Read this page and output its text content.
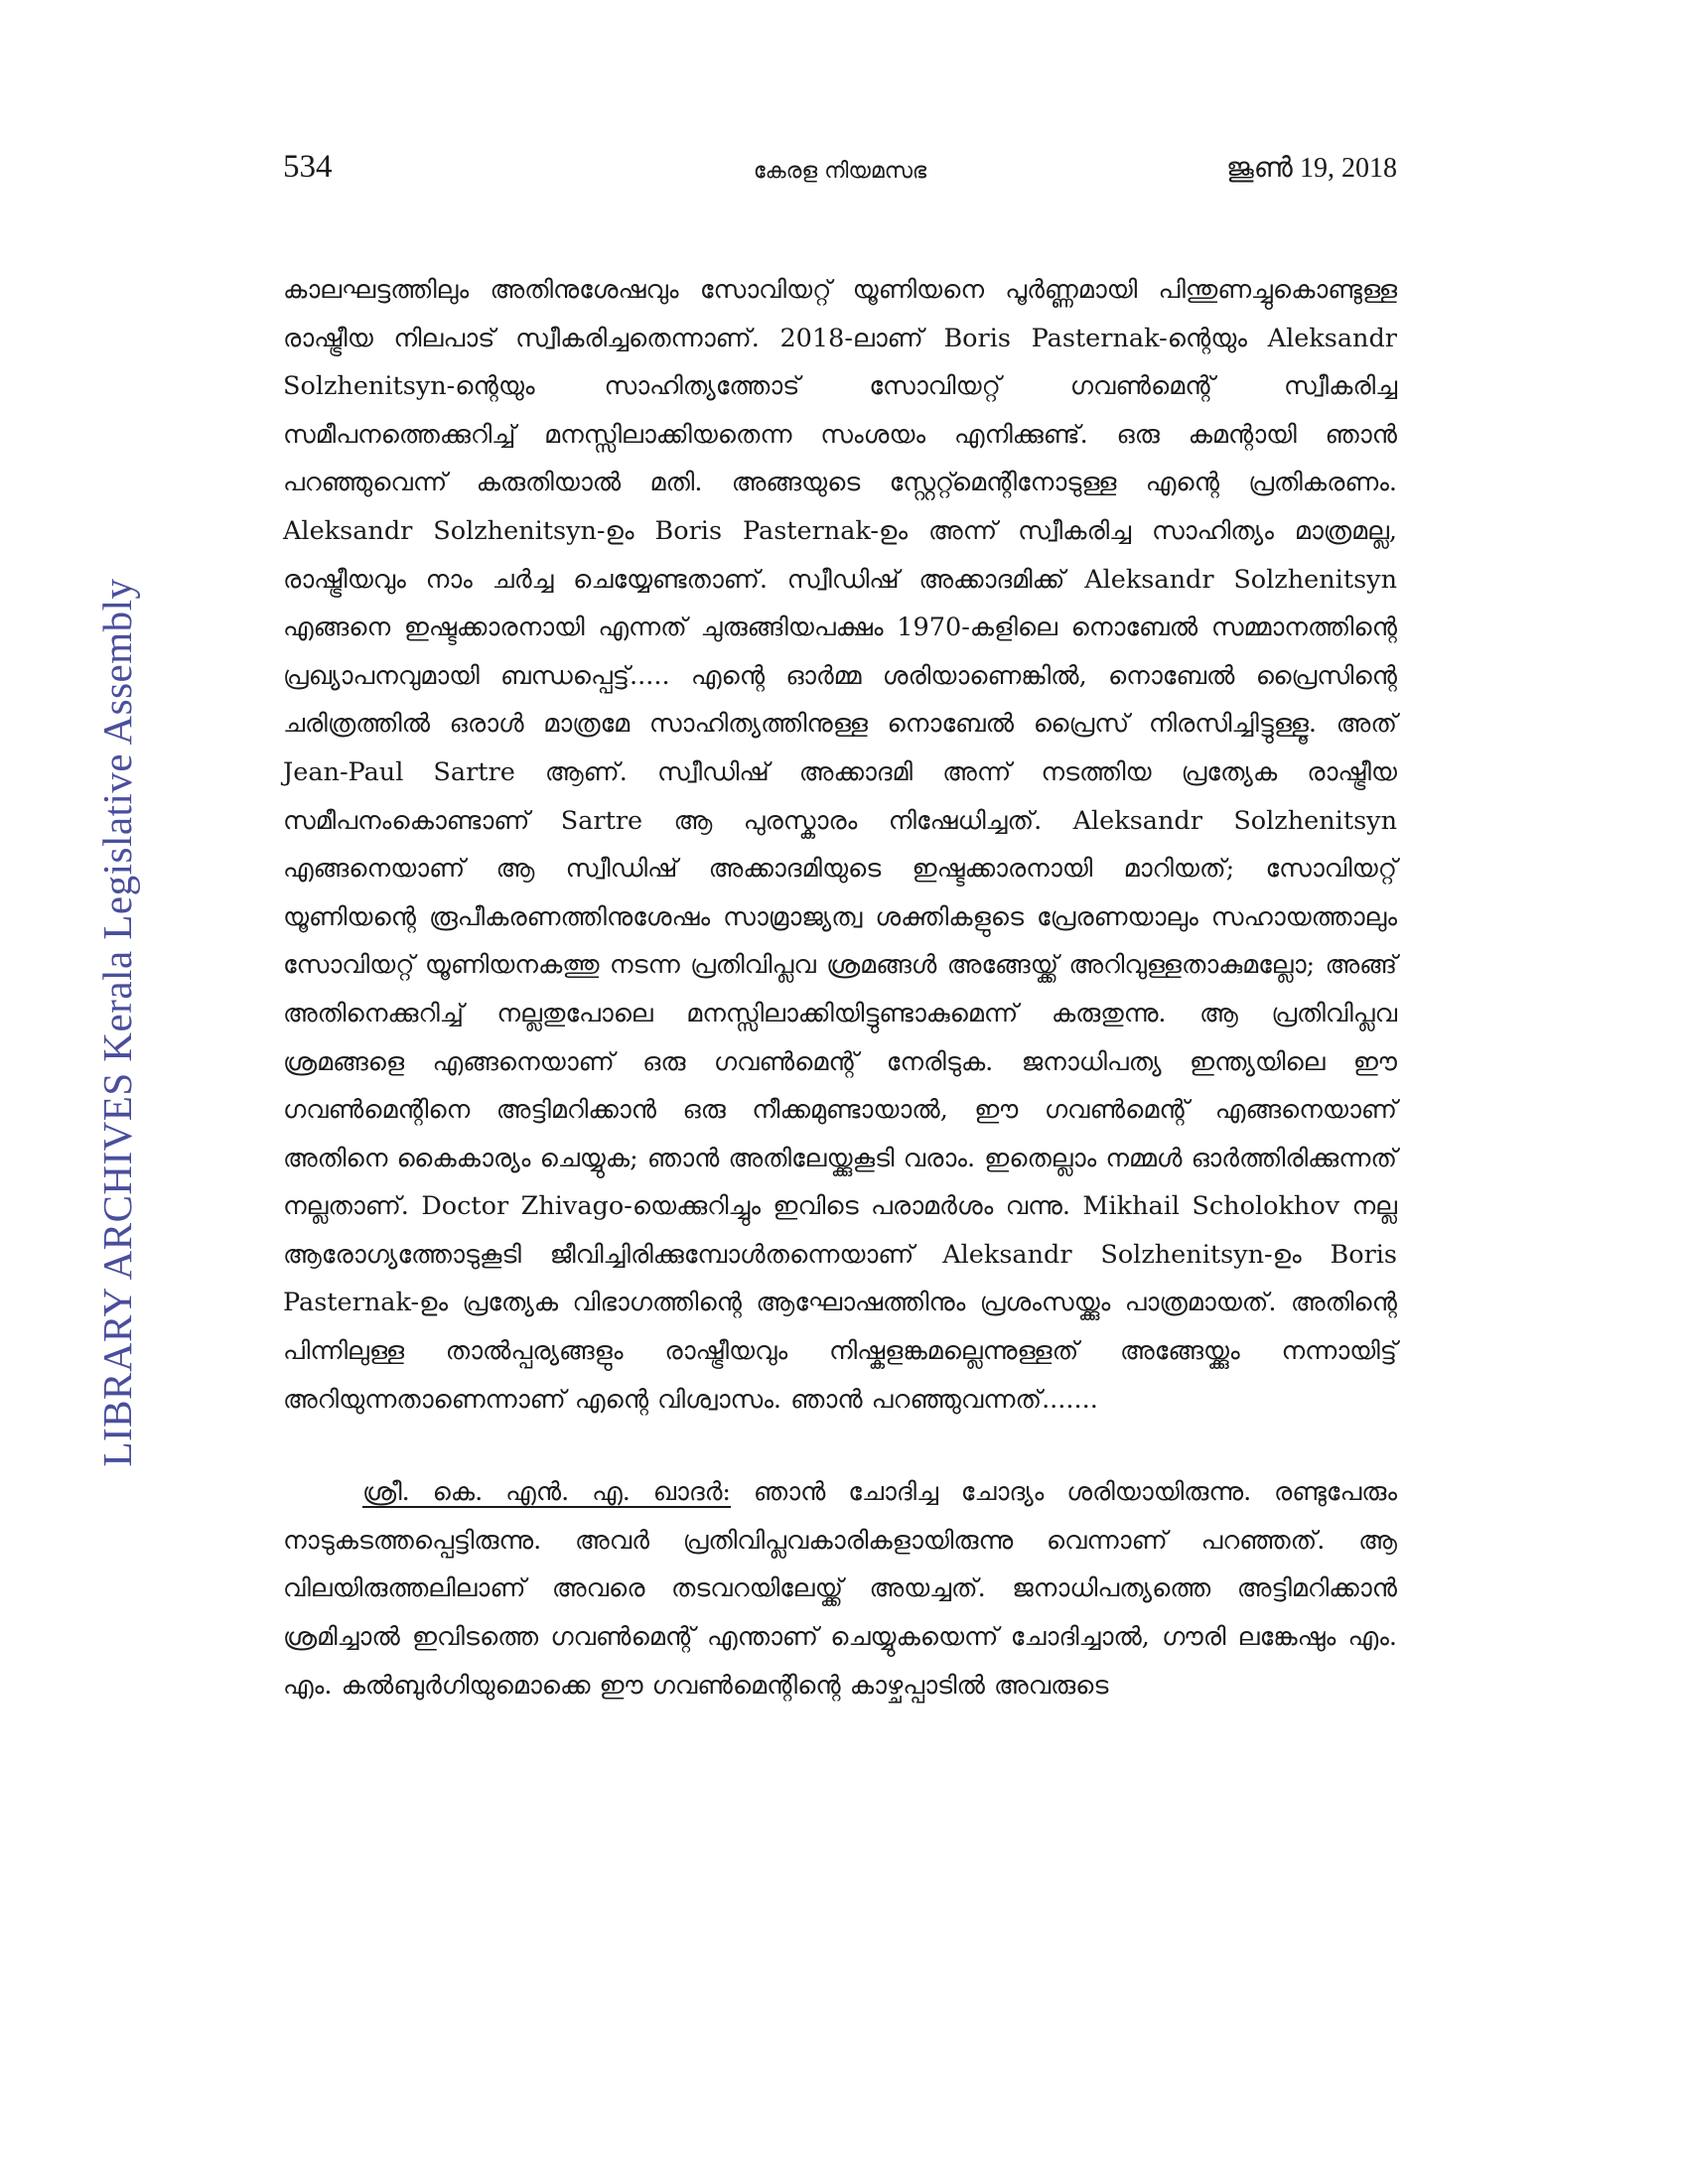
534	കേരള നിയമസഭ	ജൂൺ 19, 2018
LIBRARY ARCHIVES Kerala Legislative Assembly

കാലഘട്ടത്തിലും അതിനുശേഷവും സോവിയറ്റ് യൂണിയനെ പൂർണ്ണമായി പിന്തുണച്ചുകൊണ്ടുള്ള രാഷ്ട്രീയ നിലപാട് സ്വീകരിച്ചതെന്നാണ്. 2018-ലാണ് Boris Pasternak-ന്റെയും Aleksandr Solzhenitsyn-ന്റെയും സാഹിത്യത്തോട് സോവിയറ്റ് ഗവൺമെന്റ് സ്വീകരിച്ച സമീപനത്തെക്കുറിച്ച് മനസ്സിലാക്കിയതെന്ന സംശയം എനിക്കുണ്ട്. ഒരു കമന്റായി ഞാൻ പറഞ്ഞുവെന്ന് കരുതിയാൽ മതി. അങ്ങയുടെ സ്റ്റേറ്റ്മെന്റിനോടുള്ള എന്റെ പ്രതികരണം. Aleksandr Solzhenitsyn-ഉം Boris Pasternak-ഉം അന്ന് സ്വീകരിച്ച സാഹിത്യം മാത്രമല്ല, രാഷ്ട്രീയവും നാം ചർച്ച ചെയ്യേണ്ടതാണ്. സ്വീഡിഷ് അക്കാദമിക്ക് Aleksandr Solzhenitsyn എങ്ങനെ ഇഷ്ടക്കാരനായി എന്നത് ചുരുങ്ങിയപക്ഷം 1970-കളിലെ നൊബേൽ സമ്മാനത്തിന്റെ പ്രഖ്യാപനവുമായി ബന്ധപ്പെട്ട്..... എന്റെ ഓർമ്മ ശരിയാണെങ്കിൽ, നൊബേൽ പ്രൈസിന്റെ ചരിത്രത്തിൽ ഒരാൾ മാത്രമേ സാഹിത്യത്തിനുള്ള നൊബേൽ പ്രൈസ് നിരസിച്ചിട്ടുള്ളൂ. അത് Jean-Paul Sartre ആണ്. സ്വീഡിഷ് അക്കാദമി അന്ന് നടത്തിയ പ്രത്യേക രാഷ്ട്രീയ സമീപനംകൊണ്ടാണ് Sartre ആ പുരസ്കാരം നിഷേധിച്ചത്. Aleksandr Solzhenitsyn എങ്ങനെയാണ് ആ സ്വീഡിഷ് അക്കാദമിയുടെ ഇഷ്ടക്കാരനായി മാറിയത്; സോവിയറ്റ് യൂണിയന്റെ രൂപീകരണത്തിനുശേഷം സാമ്രാജ്യത്വ ശക്തികളുടെ പ്രേരണയാലും സഹായത്താലും സോവിയറ്റ് യൂണിയനകത്തു നടന്ന പ്രതിവിപ്ലവ ശ്രമങ്ങൾ അങ്ങേയ്ക്ക് അറിവുള്ളതാകുമല്ലോ; അങ്ങ് അതിനെക്കുറിച്ച് നല്ലതുപോലെ മനസ്സിലാക്കിയിട്ടുണ്ടാകുമെന്ന് കരുതുന്നു. ആ പ്രതിവിപ്ലവ ശ്രമങ്ങളെ എങ്ങനെയാണ് ഒരു ഗവൺമെന്റ് നേരിടുക. ജനാധിപത്യ ഇന്ത്യയിലെ ഈ ഗവൺമെന്റിനെ അട്ടിമറിക്കാൻ ഒരു നീക്കമുണ്ടായാൽ, ഈ ഗവൺമെന്റ് എങ്ങനെയാണ് അതിനെ കൈകാര്യം ചെയ്യുക; ഞാൻ അതിലേയ്ക്കുകൂടി വരാം. ഇതെല്ലാം നമ്മൾ ഓർത്തിരിക്കുന്നത് നല്ലതാണ്. Doctor Zhivago-യെക്കുറിച്ചും ഇവിടെ പരാമർശം വന്നു. Mikhail Scholokhov നല്ല ആരോഗ്യത്തോടുകൂടി ജീവിച്ചിരിക്കുമ്പോൾതന്നെയാണ് Aleksandr Solzhenitsyn-ഉം Boris Pasternak-ഉം പ്രത്യേക വിഭാഗത്തിന്റെ ആഘോഷത്തിനും പ്രശംസയ്ക്കും പാത്രമായത്. അതിന്റെ പിന്നിലുള്ള താൽപ്പര്യങ്ങളും രാഷ്ട്രീയവും നിഷ്കളങ്കമല്ലെന്നുള്ളത് അങ്ങേയ്ക്കും നന്നായിട്ട് അറിയുന്നതാണെന്നാണ് എന്റെ വിശ്വാസം. ഞാൻ പറഞ്ഞുവന്നത്.......

ശ്രീ. കെ. എൻ. എ. ഖാദർ: ഞാൻ ചോദിച്ച ചോദ്യം ശരിയായിരുന്നു. രണ്ടുപേരും നാടുകടത്തപ്പെട്ടിരുന്നു. അവർ പ്രതിവിപ്ലവകാരികളായിരുന്നു വെന്നാണ് പറഞ്ഞത്. ആ വിലയിരുത്തലിലാണ് അവരെ തടവറയിലേയ്ക്ക് അയച്ചത്. ജനാധിപത്യത്തെ അട്ടിമറിക്കാൻ ശ്രമിച്ചാൽ ഇവിടത്തെ ഗവൺമെന്റ് എന്താണ് ചെയ്യുകയെന്ന് ചോദിച്ചാൽ, ഗൗരി ലങ്കേഷും എം. എം. കൽബുർഗിയുമൊക്കെ ഈ ഗവൺമെന്റിന്റെ കാഴ്ചപ്പാടിൽ അവരുടെ
